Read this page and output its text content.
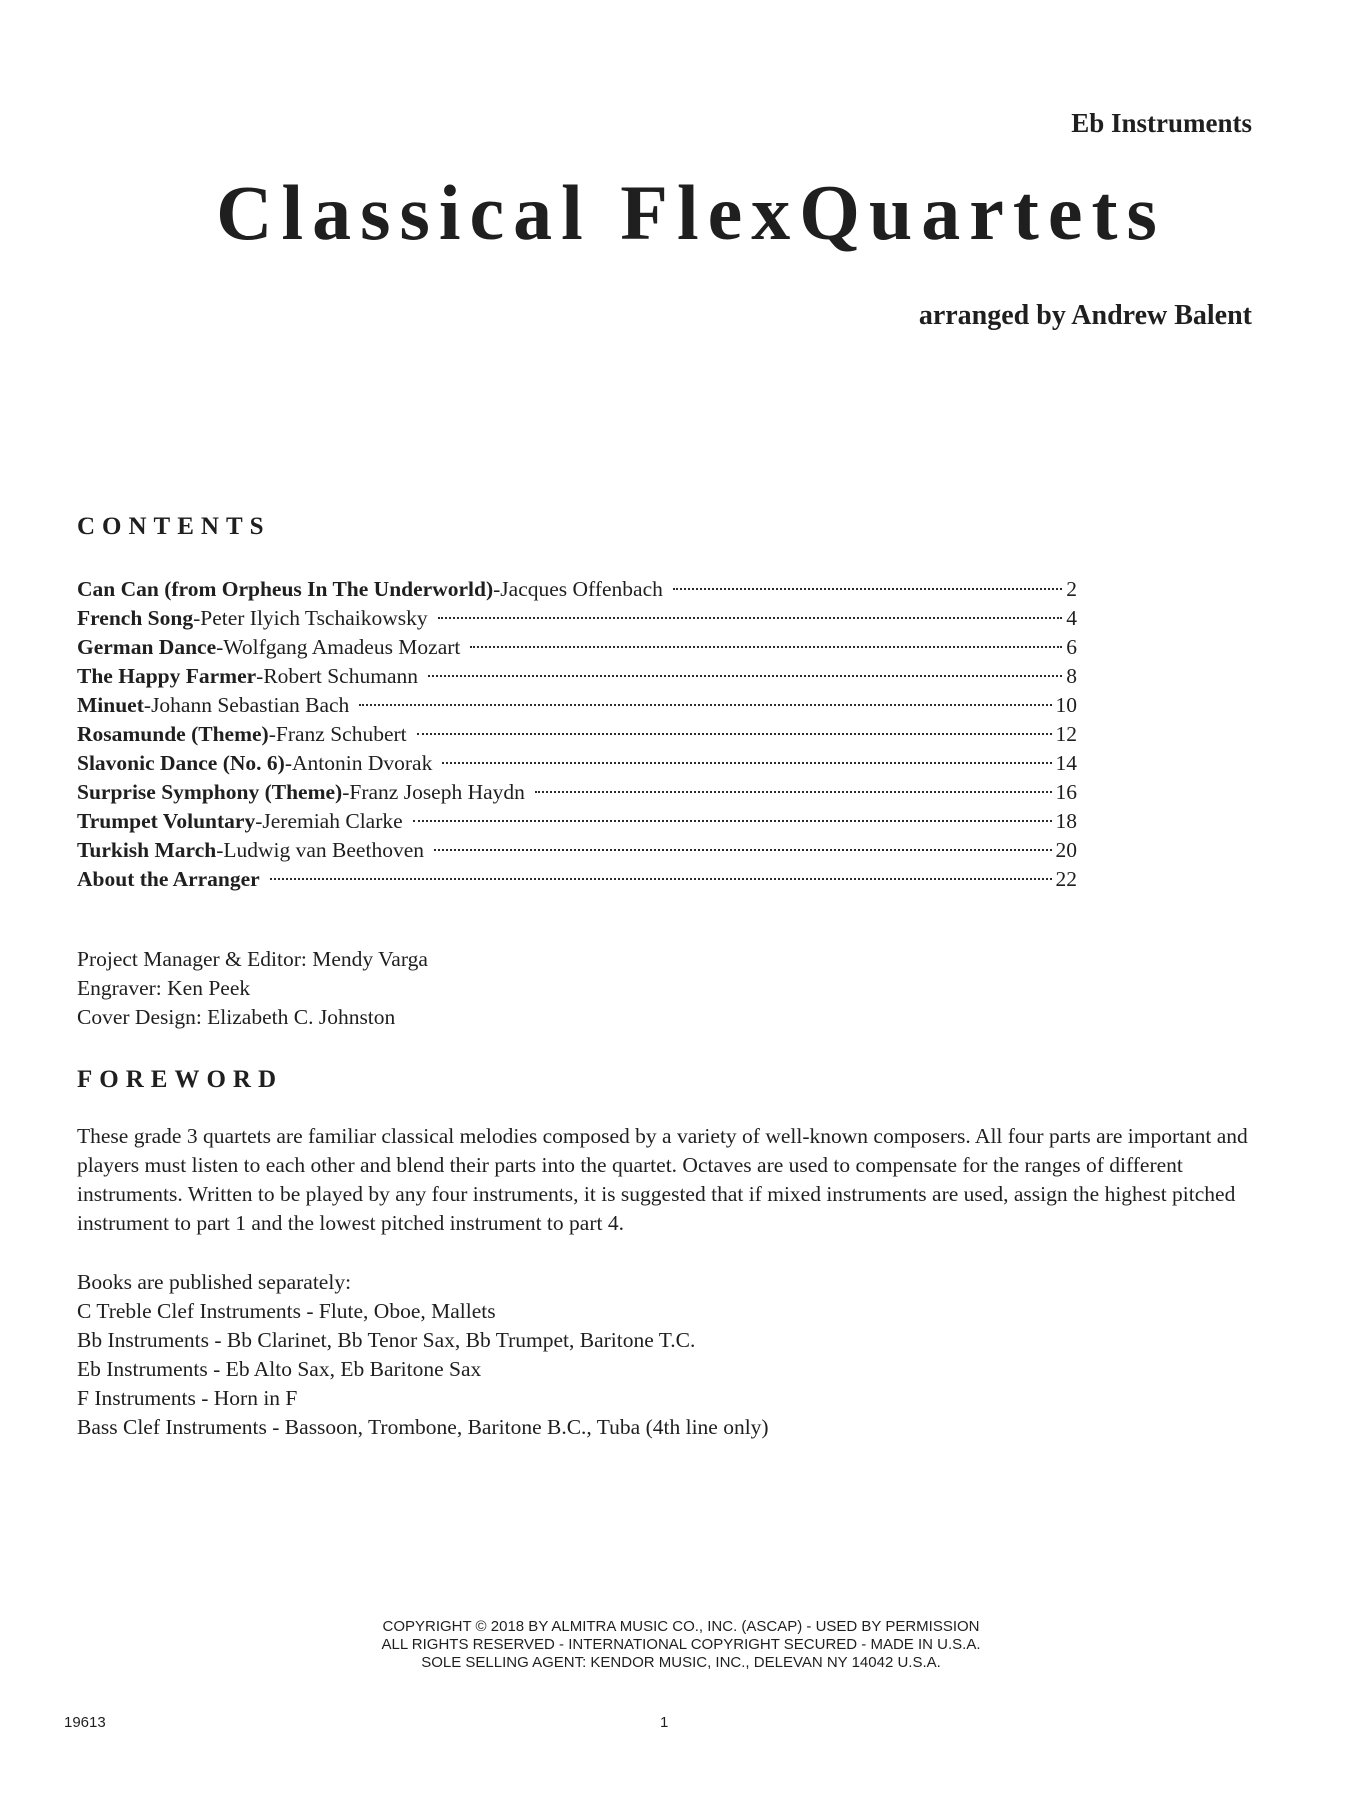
Eb Instruments
Classical FlexQuartets
arranged by Andrew Balent
CONTENTS
Can Can (from Orpheus In The Underworld) - Jacques Offenbach	2
French Song - Peter Ilyich Tschaikowsky	4
German Dance - Wolfgang Amadeus Mozart	6
The Happy Farmer - Robert Schumann	8
Minuet - Johann Sebastian Bach	10
Rosamunde (Theme) - Franz Schubert	12
Slavonic Dance (No. 6) - Antonin Dvorak	14
Surprise Symphony (Theme) - Franz Joseph Haydn	16
Trumpet Voluntary - Jeremiah Clarke	18
Turkish March - Ludwig van Beethoven	20
About the Arranger	22
Project Manager & Editor: Mendy Varga
Engraver: Ken Peek
Cover Design: Elizabeth C. Johnston
FOREWORD

These grade 3 quartets are familiar classical melodies composed by a variety of well-known composers. All four parts are important and players must listen to each other and blend their parts into the quartet. Octaves are used to compensate for the ranges of different instruments. Written to be played by any four instruments, it is suggested that if mixed instruments are used, assign the highest pitched instrument to part 1 and the lowest pitched instrument to part 4.

Books are published separately:
C Treble Clef Instruments - Flute, Oboe, Mallets
Bb Instruments - Bb Clarinet, Bb Tenor Sax, Bb Trumpet, Baritone T.C.
Eb Instruments - Eb Alto Sax, Eb Baritone Sax
F Instruments - Horn in F
Bass Clef Instruments - Bassoon, Trombone, Baritone B.C., Tuba (4th line only)
COPYRIGHT © 2018 BY ALMITRA MUSIC CO., INC. (ASCAP) - USED BY PERMISSION
ALL RIGHTS RESERVED - INTERNATIONAL COPYRIGHT SECURED - MADE IN U.S.A.
SOLE SELLING AGENT: KENDOR MUSIC, INC., DELEVAN NY 14042 U.S.A.
19613	1
